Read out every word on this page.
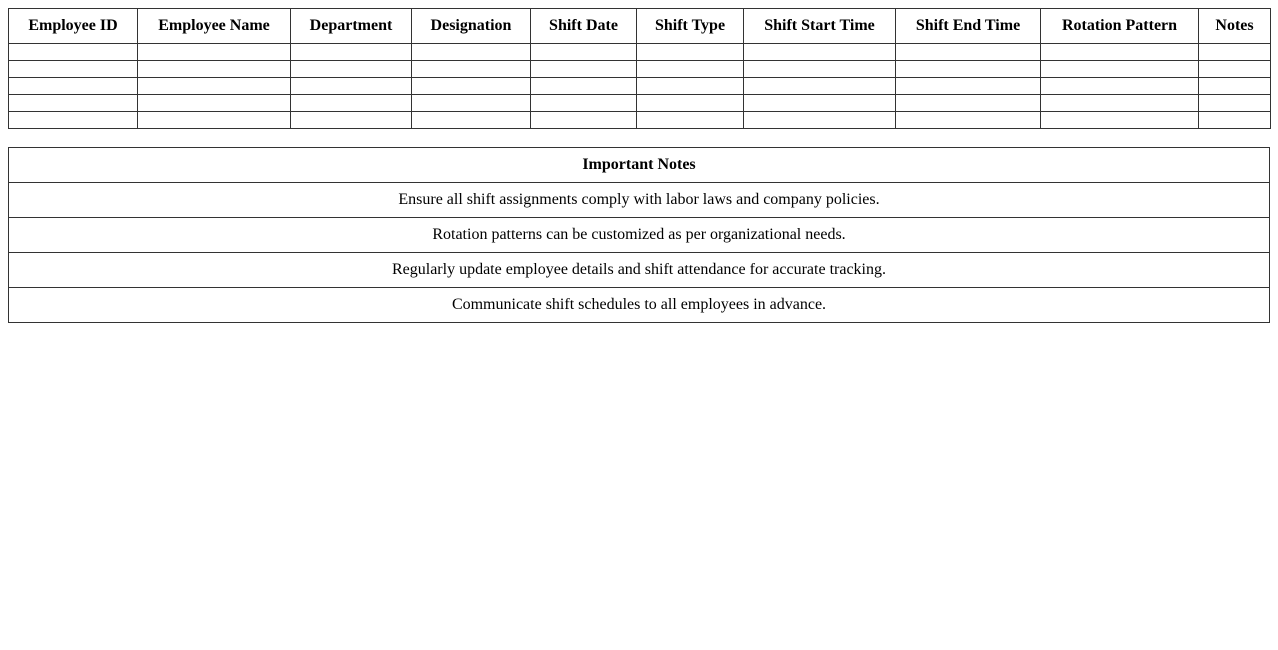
Employee ID	Employee Name	Department	Designation	Shift Date	Shift Type	Shift Start Time	Shift End Time	Rotation Pattern	Notes

Important Notes
Ensure all shift assignments comply with labor laws and company policies.
Rotation patterns can be customized as per organizational needs.
Regularly update employee details and shift attendance for accurate tracking.
Communicate shift schedules to all employees in advance.
